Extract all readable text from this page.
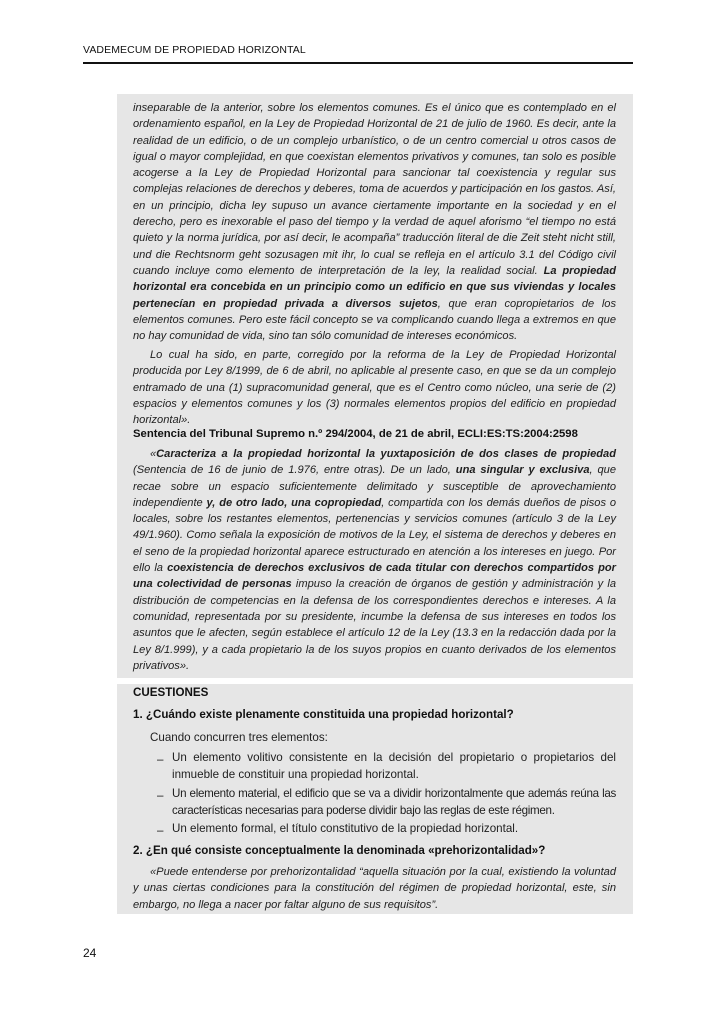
VADEMECUM DE PROPIEDAD HORIZONTAL

inseparable de la anterior, sobre los elementos comunes. Es el único que es contemplado en el ordenamiento español, en la Ley de Propiedad Horizontal de 21 de julio de 1960. Es decir, ante la realidad de un edificio, o de un complejo urbanístico, o de un centro comercial u otros casos de igual o mayor complejidad, en que coexistan elementos privativos y comunes, tan solo es posible acogerse a la Ley de Propiedad Horizontal para sancionar tal coexistencia y regular sus complejas relaciones de derechos y deberes, toma de acuerdos y participación en los gastos. Así, en un principio, dicha ley supuso un avance ciertamente importante en la sociedad y en el derecho, pero es inexorable el paso del tiempo y la verdad de aquel aforismo “el tiempo no está quieto y la norma jurídica, por así decir, le acompaña” traducción literal de die Zeit steht nicht still, und die Rechtsnorm geht sozusagen mit ihr, lo cual se refleja en el artículo 3.1 del Código civil cuando incluye como elemento de interpretación de la ley, la realidad social. La propiedad horizontal era concebida en un principio como un edificio en que sus viviendas y locales pertenecían en propiedad privada a diversos sujetos, que eran copropietarios de los elementos comunes. Pero este fácil concepto se va complicando cuando llega a extremos en que no hay comunidad de vida, sino tan sólo comunidad de intereses económicos.

Lo cual ha sido, en parte, corregido por la reforma de la Ley de Propiedad Horizontal producida por Ley 8/1999, de 6 de abril, no aplicable al presente caso, en que se da un complejo entramado de una (1) supracomunidad general, que es el Centro como núcleo, una serie de (2) espacios y elementos comunes y los (3) normales elementos propios del edificio en propiedad horizontal».

Sentencia del Tribunal Supremo n.º 294/2004, de 21 de abril, ECLI:ES:TS:2004:2598

«Caracteriza a la propiedad horizontal la yuxtaposición de dos clases de propiedad (Sentencia de 16 de junio de 1.976, entre otras). De un lado, una singular y exclusiva, que recae sobre un espacio suficientemente delimitado y susceptible de aprovechamiento independiente y, de otro lado, una copropiedad, compartida con los demás dueños de pisos o locales, sobre los restantes elementos, pertenencias y servicios comunes (artículo 3 de la Ley 49/1.960). Como señala la exposición de motivos de la Ley, el sistema de derechos y deberes en el seno de la propiedad horizontal aparece estructurado en atención a los intereses en juego. Por ello la coexistencia de derechos exclusivos de cada titular con derechos compartidos por una colectividad de personas impuso la creación de órganos de gestión y administración y la distribución de competencias en la defensa de los correspondientes derechos e intereses. A la comunidad, representada por su presidente, incumbe la defensa de sus intereses en todos los asuntos que le afecten, según establece el artículo 12 de la Ley (13.3 en la redacción dada por la Ley 8/1.999), y a cada propietario la de los suyos propios en cuanto derivados de los elementos privativos».

CUESTIONES
1. ¿Cuándo existe plenamente constituida una propiedad horizontal?
Cuando concurren tres elementos:
– Un elemento volitivo consistente en la decisión del propietario o propietarios del inmueble de constituir una propiedad horizontal.
– Un elemento material, el edificio que se va a dividir horizontalmente que además reúna las características necesarias para poderse dividir bajo las reglas de este régimen.
– Un elemento formal, el título constitutivo de la propiedad horizontal.
2. ¿En qué consiste conceptualmente la denominada «prehorizontalidad»?

«Puede entenderse por prehorizontalidad “aquella situación por la cual, existiendo la voluntad y unas ciertas condiciones para la constitución del régimen de propiedad horizontal, este, sin embargo, no llega a nacer por faltar alguno de sus requisitos”.

24
